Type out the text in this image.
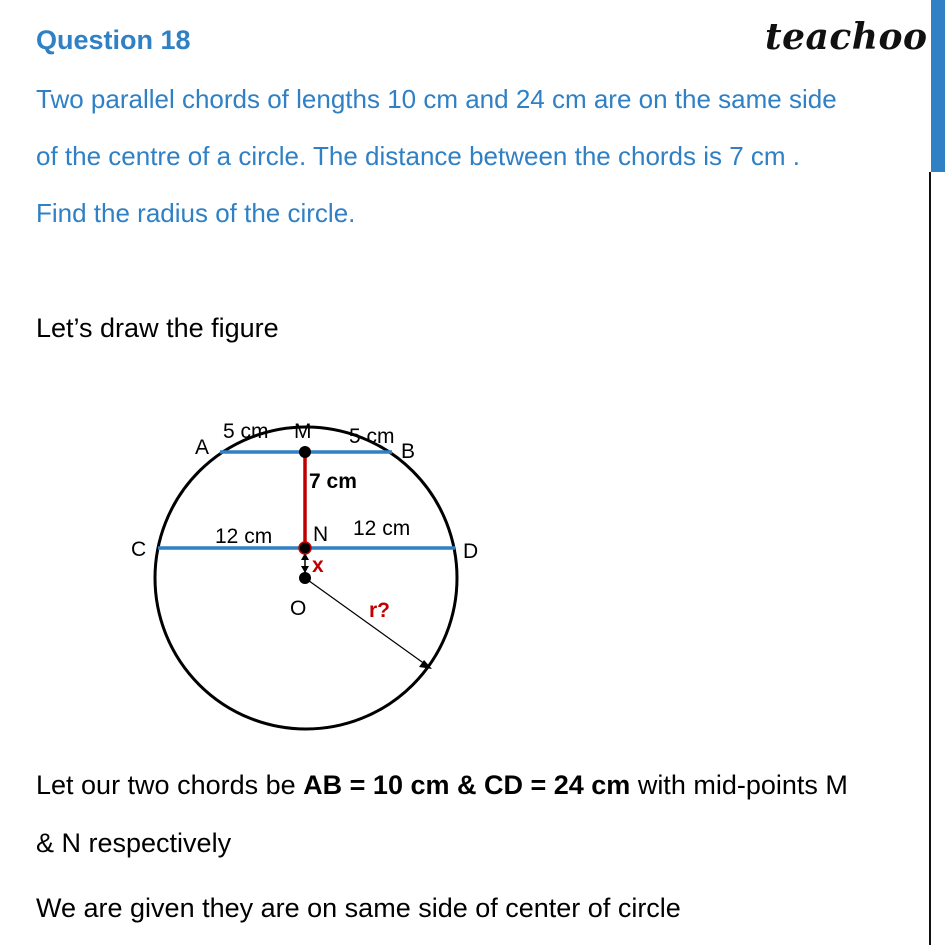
Question 18	teachoo
Two parallel chords of lengths 10 cm and 24 cm are on the same side
of the centre of a circle. The distance between the chords is 7 cm .
Find the radius of the circle.
Let’s draw the figure
A	B
C	D
M
N
O
5 cm	5 cm
12 cm	12 cm
7 cm
x
r?
Let our two chords be AB = 10 cm & CD = 24 cm with mid-points M
& N respectively
We are given they are on same side of center of circle
